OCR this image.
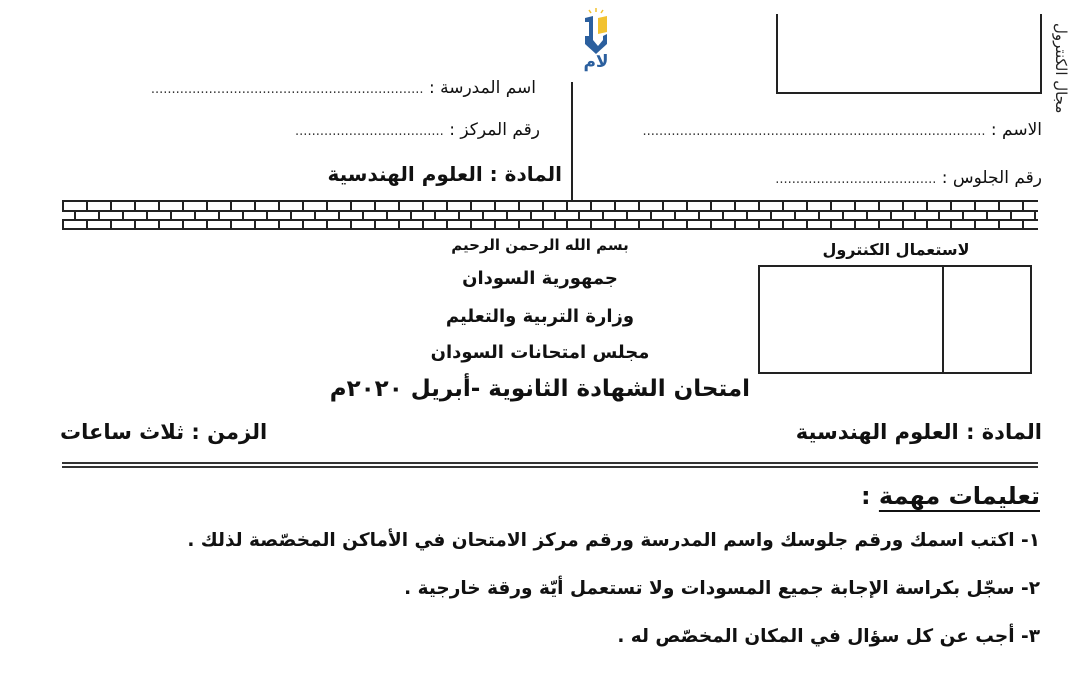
لام	مجال الكنترول
اسم المدرسة : ..................................................................
رقم المركز : ....................................
المادة : العلوم الهندسية
الاسم : ...................................................................................
رقم الجلوس : .......................................
بسم الله الرحمن الرحيم
جمهورية السودان
وزارة التربية والتعليم
مجلس امتحانات السودان
امتحان الشهادة الثانوية -أبريل ٢٠٢٠م
لاستعمال الكنترول
المادة : العلوم الهندسية
الزمن : ثلاث ساعات
تعليمات مهمة :
١- اكتب اسمك ورقم جلوسك واسم المدرسة ورقم مركز الامتحان في الأماكن المخصّصة لذلك .
٢- سجّل بكراسة الإجابة جميع المسودات ولا تستعمل أيّة ورقة خارجية .
٣- أجب عن كل سؤال في المكان المخصّص له .
